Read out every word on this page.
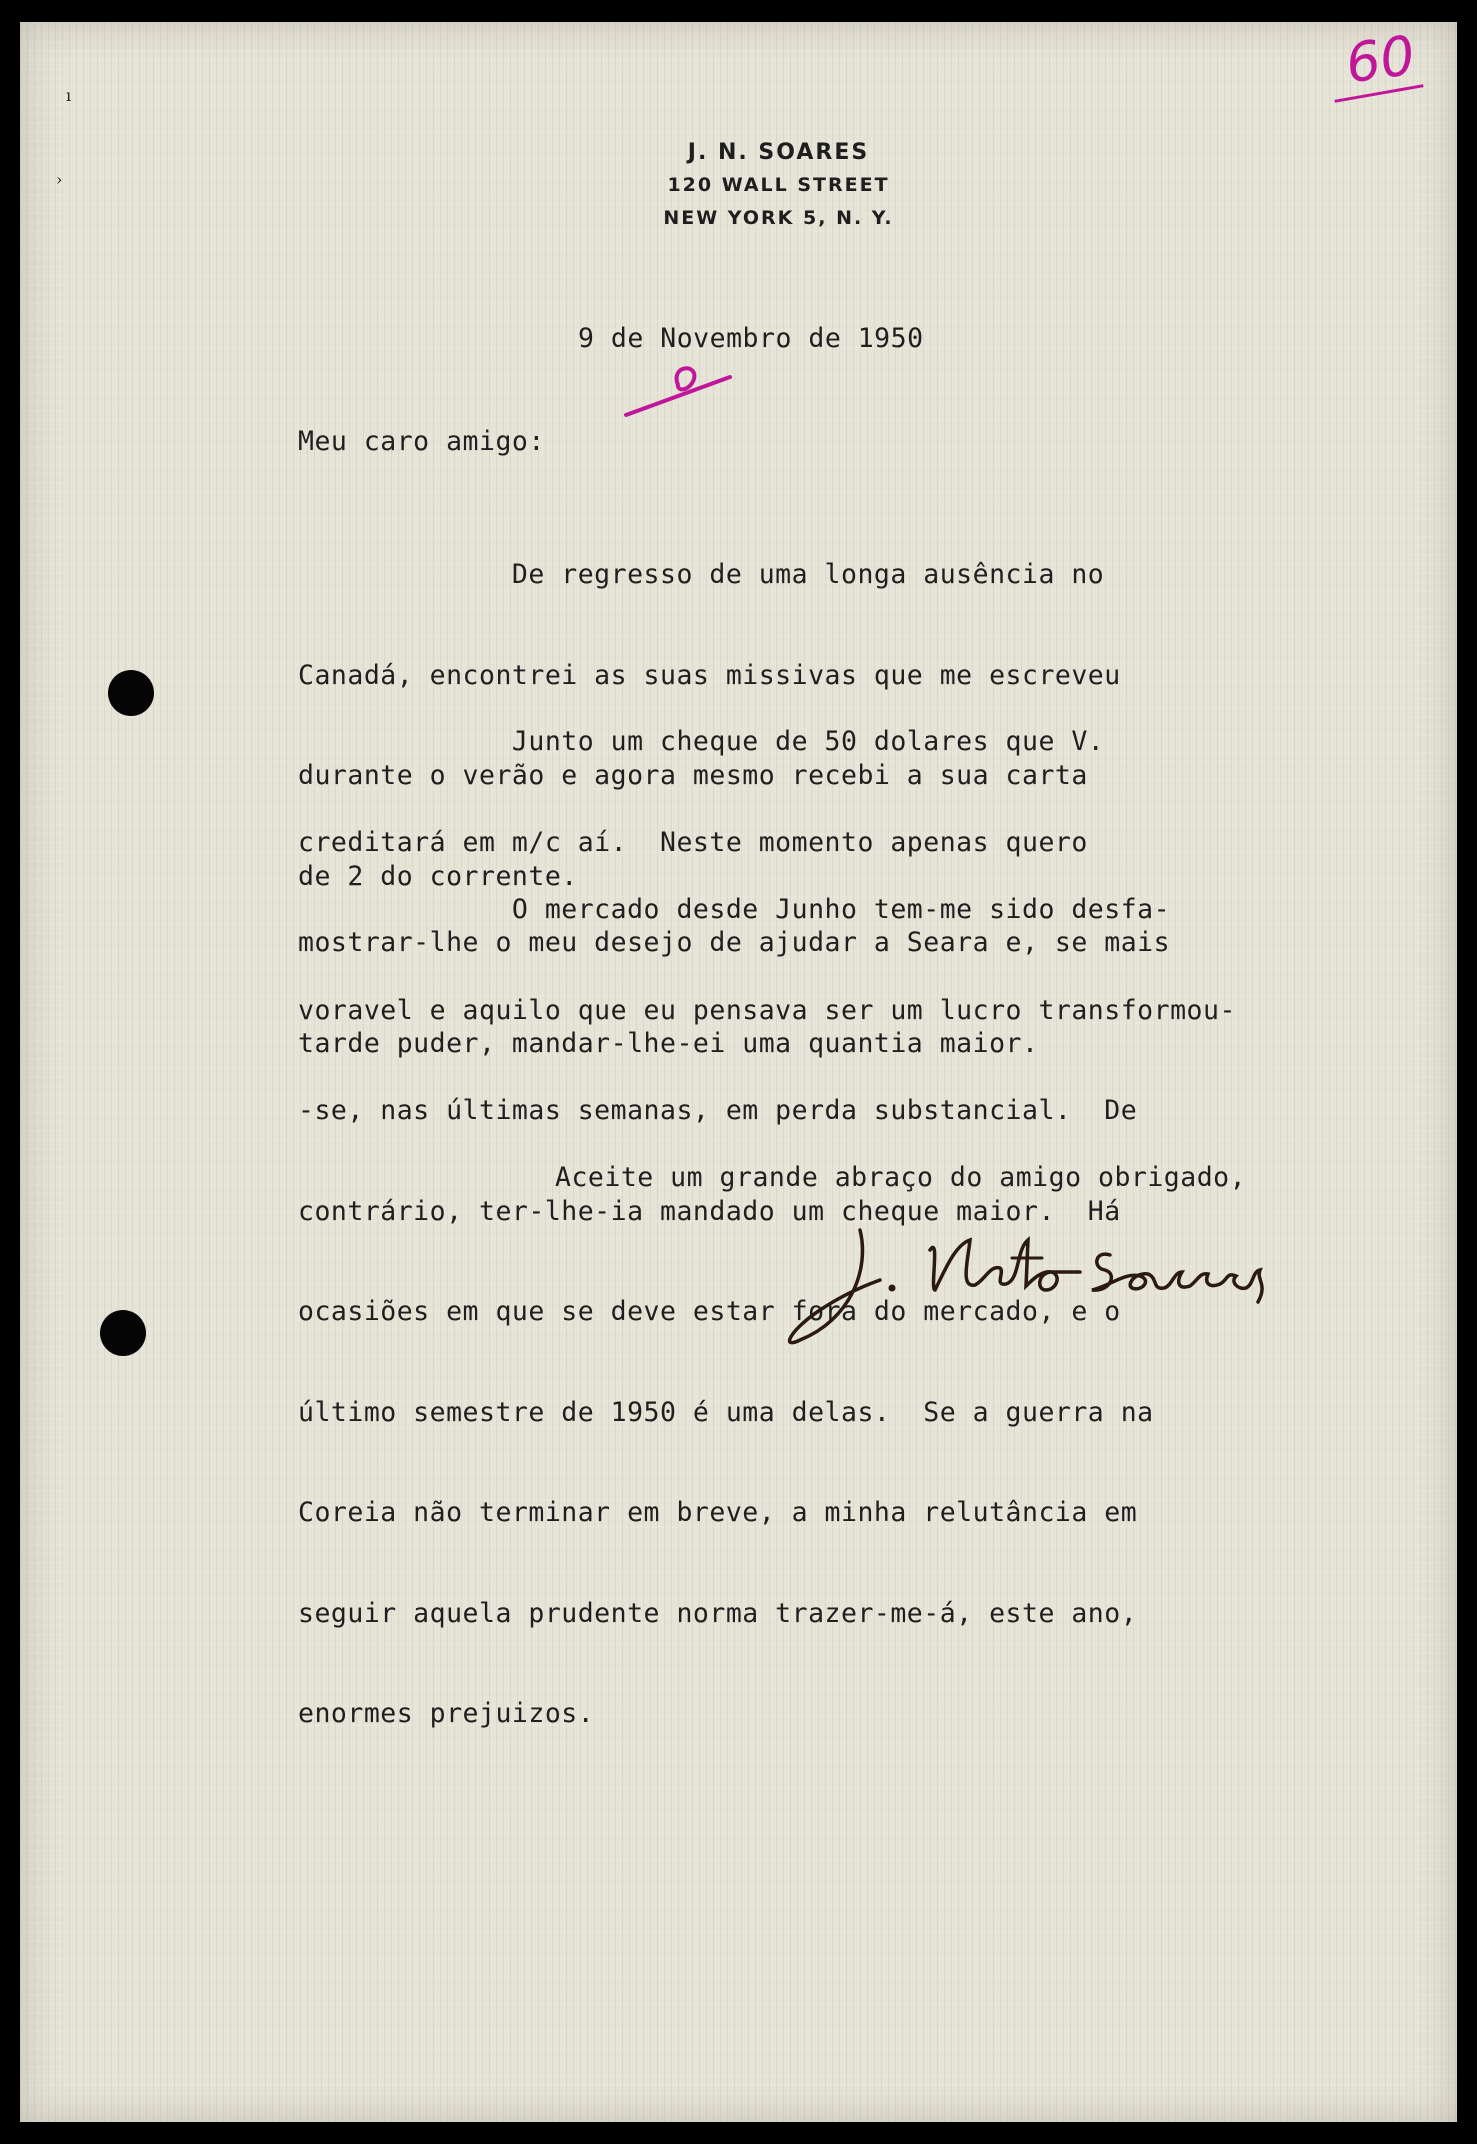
ı
›
60
J. N. SOARES
120 WALL STREET
NEW YORK 5, N. Y.
9 de Novembro de 1950
Meu caro amigo:

De regresso de uma longa ausência no

Canadá, encontrei as suas missivas que me escreveu

durante o verão e agora mesmo recebi a sua carta

de 2 do corrente.

Junto um cheque de 50 dolares que V.

creditará em m/c aí.  Neste momento apenas quero

mostrar-lhe o meu desejo de ajudar a Seara e, se mais

tarde puder, mandar-lhe-ei uma quantia maior.

O mercado desde Junho tem-me sido desfa-

voravel e aquilo que eu pensava ser um lucro transformou-

-se, nas últimas semanas, em perda substancial.  De

contrário, ter-lhe-ia mandado um cheque maior.  Há

ocasiões em que se deve estar fora do mercado, e o

último semestre de 1950 é uma delas.  Se a guerra na

Coreia não terminar em breve, a minha relutância em

seguir aquela prudente norma trazer-me-á, este ano,

enormes prejuizos.

Aceite um grande abraço do amigo obrigado,
